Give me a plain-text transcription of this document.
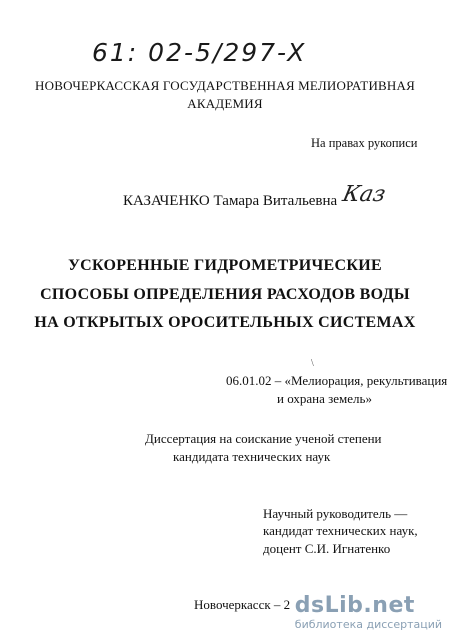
61: 02-5/297-X
НОВОЧЕРКАССКАЯ ГОСУДАРСТВЕННАЯ МЕЛИОРАТИВНАЯ
АКАДЕМИЯ
На правах рукописи
КАЗАЧЕНКО Тамара Витальевна Каз
УСКОРЕННЫЕ ГИДРОМЕТРИЧЕСКИЕ
СПОСОБЫ ОПРЕДЕЛЕНИЯ РАСХОДОВ ВОДЫ
НА ОТКРЫТЫХ ОРОСИТЕЛЬНЫХ СИСТЕМАХ
\
06.01.02 – «Мелиорация, рекультивация
и охрана земель»
Диссертация на соискание ученой степени
кандидата технических наук
Научный руководитель —
кандидат технических наук,
доцент С.И. Игнатенко
Новочеркасск – 2 dsLib.net
библиотека диссертаций
